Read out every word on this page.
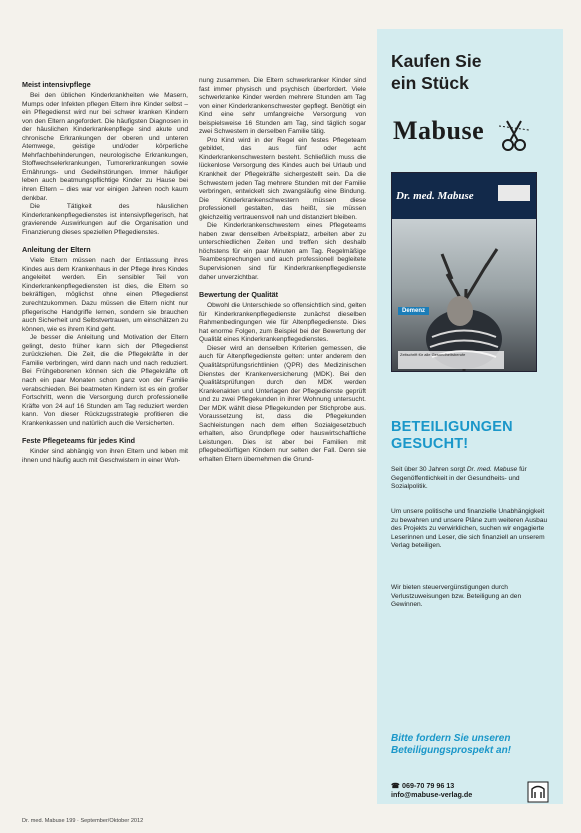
Meist intensivpflege

Bei den üblichen Kinderkrankheiten wie Masern, Mumps oder Infekten pflegen Eltern ihre Kinder selbst – ein Pflegedienst wird nur bei schwer kranken Kindern von den Eltern angefordert. Die häufigsten Diagnosen in der häuslichen Kinderkrankenpflege sind akute und chronische Erkrankungen der oberen und unteren Atemwege, geistige und/oder körperliche Mehrfachbehinderungen, neurologische Erkrankungen, Stoffwechselerkrankungen, Tumorerkrankungen sowie Ernährungs- und Gedeihstörungen. Immer häufiger leben auch beatmungspflichtige Kinder zu Hause bei ihren Eltern – dies war vor einigen Jahren noch kaum denkbar.

Die Tätigkeit des häuslichen Kinderkrankenpflegedienstes ist intensivpflegerisch, hat gravierende Auswirkungen auf die Organisation und Finanzierung dieses speziellen Pflegedienstes.

Anleitung der Eltern

Viele Eltern müssen nach der Entlassung ihres Kindes aus dem Krankenhaus in der Pflege ihres Kindes angeleitet werden. Ein sensibler Teil von Kinderkrankenpflegediensten ist dies, die Eltern so bekräftigen, möglichst ohne einen Pflegedienst zurechtzukommen. Dazu müssen die Eltern nicht nur pflegerische Handgriffe lernen, sondern sie brauchen auch Sicherheit und Selbstvertrauen, um einschätzen zu können, wie es ihrem Kind geht.

Je besser die Anleitung und Motivation der Eltern gelingt, desto früher kann sich der Pflegedienst zurückziehen. Die Zeit, die die Pflegekräfte in der Familie verbringen, wird dann nach und nach reduziert. Bei Frühgeborenen können sich die Pflegekräfte oft nach ein paar Monaten schon ganz von der Familie verabschieden. Bei beatmeten Kindern ist es ein großer Fortschritt, wenn die Versorgung durch professionelle Kräfte von 24 auf 16 Stunden am Tag reduziert werden kann. Von dieser Rückzugsstrategie profitieren die Krankenkassen und natürlich auch die Versicherten.

Feste Pflegeteams für jedes Kind

Kinder sind abhängig von ihren Eltern und leben mit ihnen und häufig auch mit Geschwistern in einer Woh-

nung zusammen. Die Eltern schwerkranker Kinder sind fast immer physisch und psychisch überfordert. Viele schwerkranke Kinder werden mehrere Stunden am Tag von einer Kinderkrankenschwester gepflegt. Benötigt ein Kind eine sehr umfangreiche Versorgung von beispielsweise 16 Stunden am Tag, sind täglich sogar zwei Schwestern in derselben Familie tätig.

Pro Kind wird in der Regel ein festes Pflegeteam gebildet, das aus fünf oder acht Kinderkrankenschwestern besteht. Schließlich muss die lückenlose Versorgung des Kindes auch bei Urlaub und Krankheit der Pflegekräfte sichergestellt sein. Da die Schwestern jeden Tag mehrere Stunden mit der Familie verbringen, entwickelt sich zwangsläufig eine Bindung. Die Kinderkrankenschwestern müssen diese professionell gestalten, das heißt, sie müssen gleichzeitig vertrauensvoll nah und distanziert bleiben.

Die Kinderkrankenschwestern eines Pflegeteams haben zwar denselben Arbeitsplatz, arbeiten aber zu unterschiedlichen Zeiten und treffen sich deshalb höchstens für ein paar Minuten am Tag. Regelmäßige Teambesprechungen und auch professionell begleitete Supervisionen sind für Kinderkrankenpflegedienste daher unverzichtbar.

Bewertung der Qualität

Obwohl die Unterschiede so offensichtlich sind, gelten für Kinderkrankenpflegedienste zunächst dieselben Rahmenbedingungen wie für Altenpflegedienste. Dies hat enorme Folgen, zum Beispiel bei der Bewertung der Qualität eines Kinderkrankenpflegedienstes.

Dieser wird an denselben Kriterien gemessen, die auch für Altenpflegedienste gelten: unter anderem den Qualitätsprüfungsrichtlinien (QPR) des Medizinischen Dienstes der Krankenversicherung (MDK). Bei den Qualitätsprüfungen durch den MDK werden Krankenakten und Unterlagen der Pflegedienste geprüft und zu zwei Pflegekunden in ihrer Wohnung untersucht. Der MDK wählt diese Pflegekunden per Stichprobe aus. Voraussetzung ist, dass die Pflegekunden Sachleistungen nach dem elften Sozialgesetzbuch erhalten, also Grundpflege oder hauswirtschaftliche Leistungen. Dies ist aber bei Familien mit pflegebedürftigen Kindern nur selten der Fall. Denn sie erhalten Eltern übernehmen die Grund-

Kaufen Sie
ein Stück
Mabuse
Dr. med. Mabuse
Demenz
Zeitschrift für alle Gesundheitsberufe
BETEILIGUNGEN
GESUCHT!
Seit über 30 Jahren sorgt Dr. med. Mabuse für Gegenöffentlichkeit in der Gesundheits- und Sozialpolitik.
Um unsere politische und finanzielle Unabhängigkeit zu bewahren und unsere Pläne zum weiteren Ausbau des Projekts zu verwirklichen, suchen wir engagierte Leserinnen und Leser, die sich finanziell an unserem Verlag beteiligen.
Wir bieten steuervergünstigungen durch Verlustzuweisungen bzw. Beteiligung an den Gewinnen.
Bitte fordern Sie unseren Beteiligungsprospekt an!
☎ 069-70 79 96 13
info@mabuse-verlag.de
Dr. med. Mabuse 199 · September/Oktober 2012
